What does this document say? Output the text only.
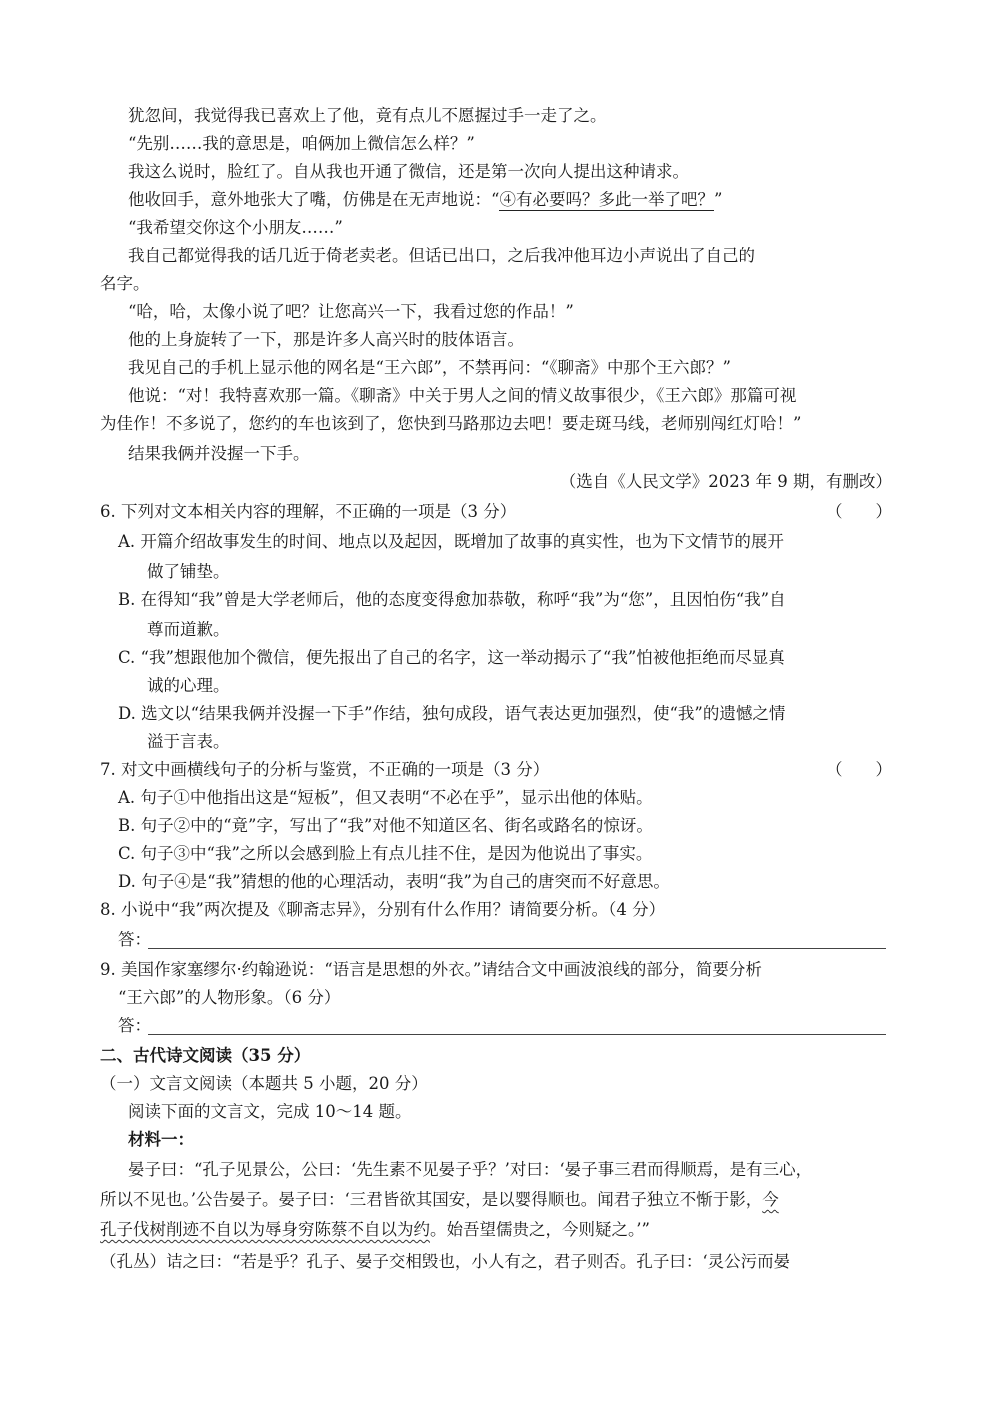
犹忽间，我觉得我已喜欢上了他，竟有点儿不愿握过手一走了之。
“先别……我的意思是，咱俩加上微信怎么样？”
我这么说时，脸红了。自从我也开通了微信，还是第一次向人提出这种请求。
他收回手，意外地张大了嘴，仿佛是在无声地说：“④有必要吗？多此一举了吧？”
“我希望交你这个小朋友……”
我自己都觉得我的话几近于倚老卖老。但话已出口，之后我冲他耳边小声说出了自己的
名字。
“哈，哈，太像小说了吧？让您高兴一下，我看过您的作品！”
他的上身旋转了一下，那是许多人高兴时的肢体语言。
我见自己的手机上显示他的网名是“王六郎”，不禁再问：“《聊斋》中那个王六郎？”
他说：“对！我特喜欢那一篇。《聊斋》中关于男人之间的情义故事很少，《王六郎》那篇可视
为佳作！不多说了，您约的车也该到了，您快到马路那边去吧！要走斑马线，老师别闯红灯哈！”
结果我俩并没握一下手。
（选自《人民文学》2023 年 9 期，有删改）
6. 下列对文本相关内容的理解，不正确的一项是（3 分）	（　　）
A. 开篇介绍故事发生的时间、地点以及起因，既增加了故事的真实性，也为下文情节的展开
做了铺垫。
B. 在得知“我”曾是大学老师后，他的态度变得愈加恭敬，称呼“我”为“您”，且因怕伤“我”自
尊而道歉。
C. “我”想跟他加个微信，便先报出了自己的名字，这一举动揭示了“我”怕被他拒绝而尽显真
诚的心理。
D. 选文以“结果我俩并没握一下手”作结，独句成段，语气表达更加强烈，使“我”的遗憾之情
溢于言表。
7. 对文中画横线句子的分析与鉴赏，不正确的一项是（3 分）	（　　）
A. 句子①中他指出这是“短板”，但又表明“不必在乎”，显示出他的体贴。
B. 句子②中的“竟”字，写出了“我”对他不知道区名、街名或路名的惊讶。
C. 句子③中“我”之所以会感到脸上有点儿挂不住，是因为他说出了事实。
D. 句子④是“我”猜想的他的心理活动，表明“我”为自己的唐突而不好意思。
8. 小说中“我”两次提及《聊斋志异》，分别有什么作用？请简要分析。（4 分）
答：
9. 美国作家塞缪尔·约翰逊说：“语言是思想的外衣。”请结合文中画波浪线的部分，简要分析
“王六郎”的人物形象。（6 分）
答：
二、古代诗文阅读（35 分）
（一）文言文阅读（本题共 5 小题，20 分）
阅读下面的文言文，完成 10～14 题。
材料一：
晏子曰：“孔子见景公，公曰：‘先生素不见晏子乎？’对曰：‘晏子事三君而得顺焉，是有三心，
所以不见也。’公告晏子。晏子曰：‘三君皆欲其国安，是以婴得顺也。闻君子独立不惭于影，今
孔子伐树削迹不自以为辱身穷陈蔡不自以为约。始吾望儒贵之，今则疑之。’”
（孔丛）诘之曰：“若是乎？孔子、晏子交相毁也，小人有之，君子则否。孔子曰：‘灵公污而晏
